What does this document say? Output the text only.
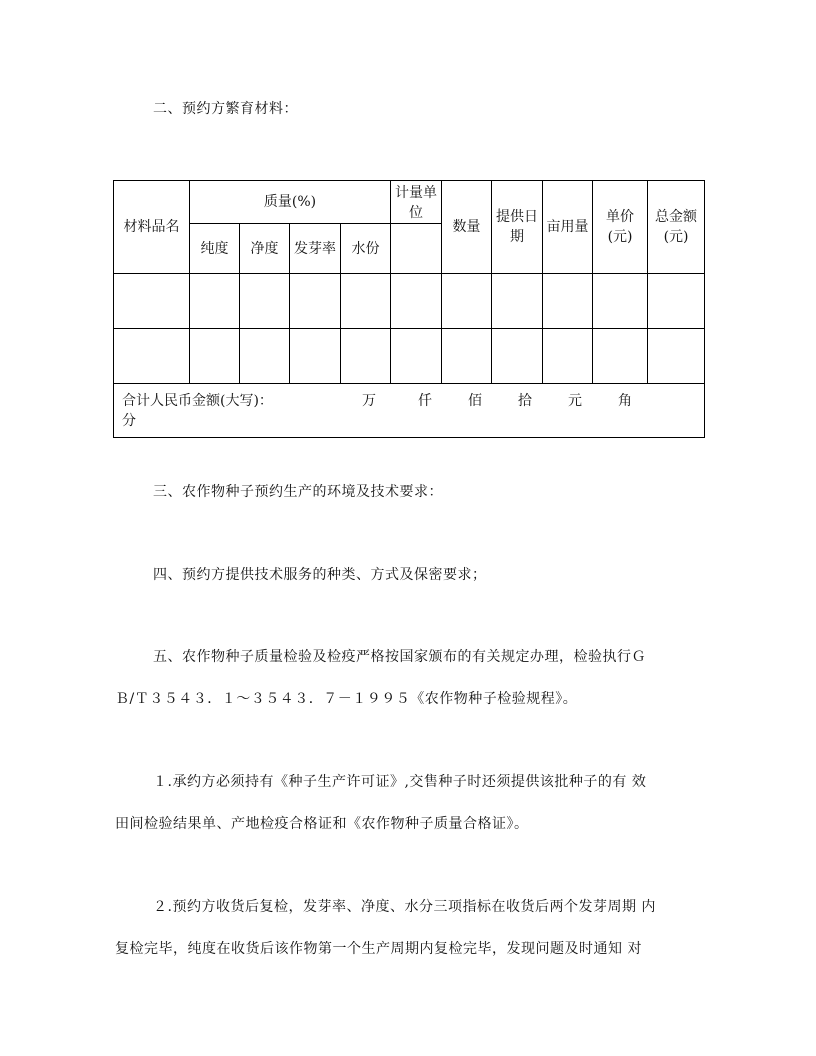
二、预约方繁育材料：
材料品名	质量(%)				计量单位	数量	提供日期	亩用量	单价(元)	总金额(元)
	纯度	净度	发芽率	水份						

合计人民币金额(大写)： 万 仟 佰 拾 元 角分										
三、农作物种子预约生产的环境及技术要求：
四、预约方提供技术服务的种类、方式及保密要求；
五、农作物种子质量检验及检疫严格按国家颁布的有关规定办理，检验执行Ｇ
Ｂ/Ｔ３５４３．１～３５４３．７－１９９５《农作物种子检验规程》。
１.承约方必须持有《种子生产许可证》,交售种子时还须提供该批种子的有 效
田间检验结果单、产地检疫合格证和《农作物种子质量合格证》。
２.预约方收货后复检，发芽率、净度、水分三项指标在收货后两个发芽周期 内
复检完毕，纯度在收货后该作物第一个生产周期内复检完毕，发现问题及时通知 对
